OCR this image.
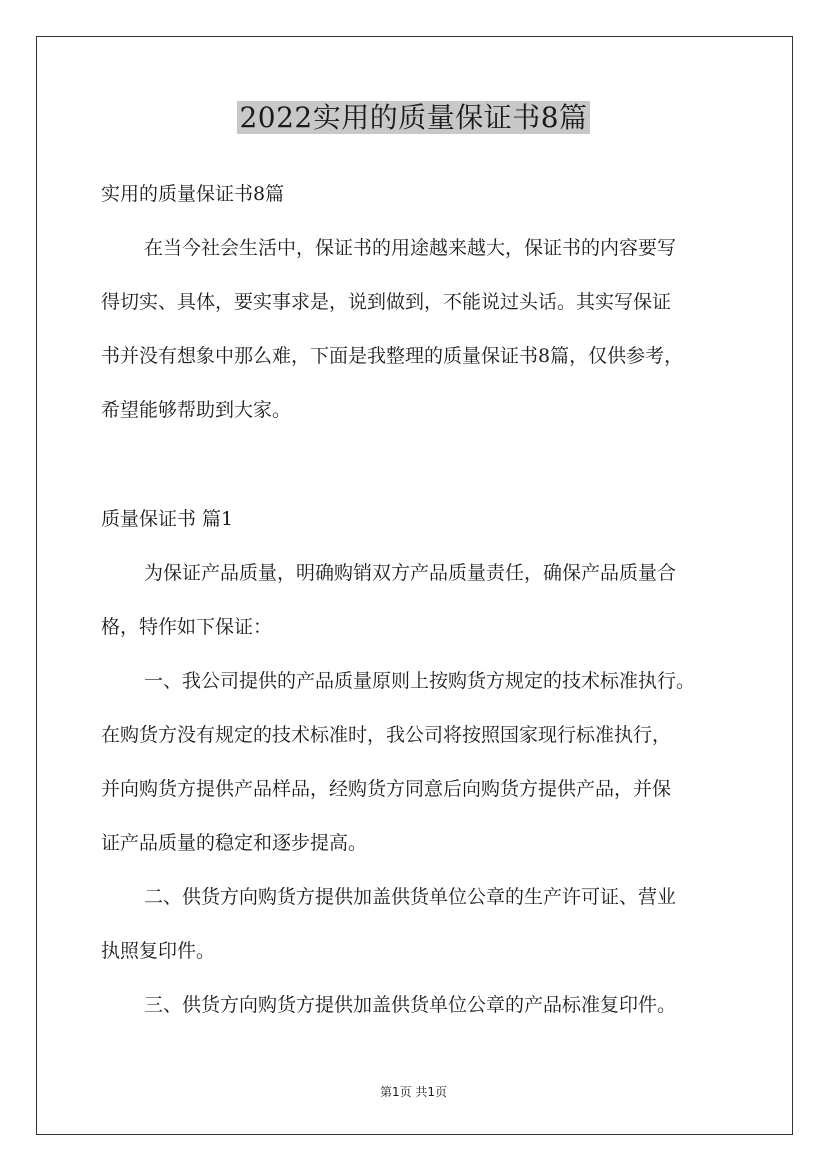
2022实用的质量保证书8篇
实用的质量保证书8篇
在当今社会生活中，保证书的用途越来越大，保证书的内容要写
得切实、具体，要实事求是，说到做到，不能说过头话。其实写保证
书并没有想象中那么难，下面是我整理的质量保证书8篇，仅供参考，
希望能够帮助到大家。
质量保证书 篇1
为保证产品质量，明确购销双方产品质量责任，确保产品质量合
格，特作如下保证：
一、我公司提供的产品质量原则上按购货方规定的技术标准执行。
在购货方没有规定的技术标准时，我公司将按照国家现行标准执行，
并向购货方提供产品样品，经购货方同意后向购货方提供产品，并保
证产品质量的稳定和逐步提高。
二、供货方向购货方提供加盖供货单位公章的生产许可证、营业
执照复印件。
三、供货方向购货方提供加盖供货单位公章的产品标准复印件。
第1页 共1页
